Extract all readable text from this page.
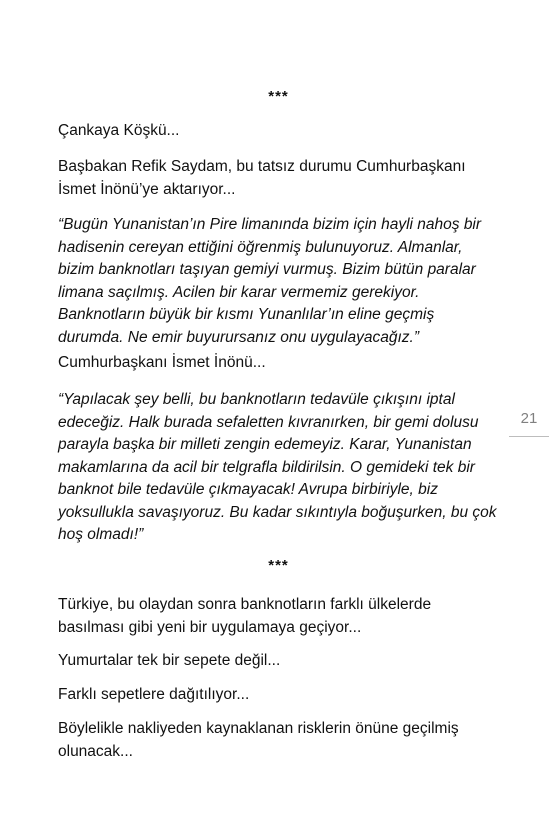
***

Çankaya Köşkü...

Başbakan Refik Saydam, bu tatsız durumu Cumhurbaşkanı İsmet İnönü’ye aktarıyor...

“Bugün Yunanistan’ın Pire limanında bizim için hayli nahoş bir hadisenin cereyan ettiğini öğrenmiş bulunuyoruz. Almanlar, bizim banknotları taşıyan gemiyi vurmuş. Bizim bütün paralar limana saçılmış. Acilen bir karar vermemiz gerekiyor. Banknotların büyük bir kısmı Yunanlılar’ın eline geçmiş durumda. Ne emir buyurursanız onu uygulayacağız.”

Cumhurbaşkanı İsmet İnönü...

“Yapılacak şey belli, bu banknotların tedavüle çıkışını iptal edeceğiz. Halk burada sefaletten kıvranırken, bir gemi dolusu parayla başka bir milleti zengin edemeyiz. Karar, Yunanistan makamlarına da acil bir telgrafla bildirilsin. O gemideki tek bir banknot bile tedavüle çıkmayacak! Avrupa birbiriyle, biz yoksullukla savaşıyoruz. Bu kadar sıkıntıyla boğuşurken, bu çok hoş olmadı!”

***

Türkiye, bu olaydan sonra banknotların farklı ülkelerde basılması gibi yeni bir uygulamaya geçiyor...

Yumurtalar tek bir sepete değil...

Farklı sepetlere dağıtılıyor...

Böylelikle nakliyeden kaynaklanan risklerin önüne geçilmiş olunacak...

21
